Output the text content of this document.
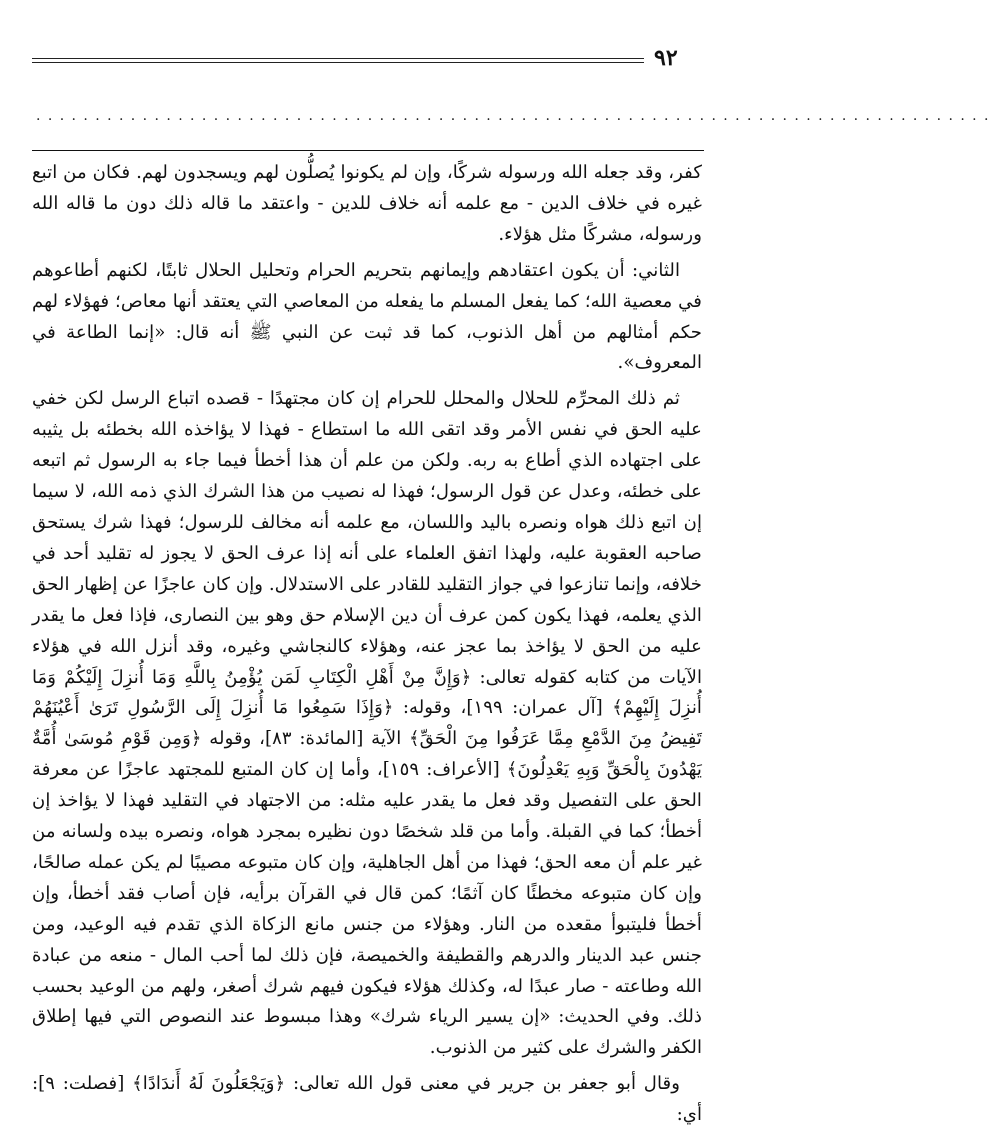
٩٢
.................................................................................

كفر، وقد جعله الله ورسوله شركًا، وإن لم يكونوا يُصلُّون لهم ويسجدون لهم. فكان من اتبع غيره في خلاف الدين - مع علمه أنه خلاف للدين - واعتقد ما قاله ذلك دون ما قاله الله ورسوله، مشركًا مثل هؤلاء.

الثاني: أن يكون اعتقادهم وإيمانهم بتحريم الحرام وتحليل الحلال ثابتًا، لكنهم أطاعوهم في معصية الله؛ كما يفعل المسلم ما يفعله من المعاصي التي يعتقد أنها معاص؛ فهؤلاء لهم حكم أمثالهم من أهل الذنوب، كما قد ثبت عن النبي ﷺ أنه قال: «إنما الطاعة في المعروف».

ثم ذلك المحرِّم للحلال والمحلل للحرام إن كان مجتهدًا - قصده اتباع الرسل لكن خفي عليه الحق في نفس الأمر وقد اتقى الله ما استطاع - فهذا لا يؤاخذه الله بخطئه بل يثيبه على اجتهاده الذي أطاع به ربه. ولكن من علم أن هذا أخطأ فيما جاء به الرسول ثم اتبعه على خطئه، وعدل عن قول الرسول؛ فهذا له نصيب من هذا الشرك الذي ذمه الله، لا سيما إن اتبع ذلك هواه ونصره باليد واللسان، مع علمه أنه مخالف للرسول؛ فهذا شرك يستحق صاحبه العقوبة عليه، ولهذا اتفق العلماء على أنه إذا عرف الحق لا يجوز له تقليد أحد في خلافه، وإنما تنازعوا في جواز التقليد للقادر على الاستدلال. وإن كان عاجزًا عن إظهار الحق الذي يعلمه، فهذا يكون كمن عرف أن دين الإسلام حق وهو بين النصارى، فإذا فعل ما يقدر عليه من الحق لا يؤاخذ بما عجز عنه، وهؤلاء كالنجاشي وغيره، وقد أنزل الله في هؤلاء الآيات من كتابه كقوله تعالى: ﴿وَإِنَّ مِنْ أَهْلِ الْكِتَابِ لَمَن يُؤْمِنُ بِاللَّهِ وَمَا أُنزِلَ إِلَيْكُمْ وَمَا أُنزِلَ إِلَيْهِمْ﴾ [آل عمران: ١٩٩]، وقوله: ﴿وَإِذَا سَمِعُوا مَا أُنزِلَ إِلَى الرَّسُولِ تَرَىٰ أَعْيُنَهُمْ تَفِيضُ مِنَ الدَّمْعِ مِمَّا عَرَفُوا مِنَ الْحَقِّ﴾ الآية [المائدة: ٨٣]، وقوله ﴿وَمِن قَوْمِ مُوسَىٰ أُمَّةٌ يَهْدُونَ بِالْحَقِّ وَبِهِ يَعْدِلُونَ﴾ [الأعراف: ١٥٩]، وأما إن كان المتبع للمجتهد عاجزًا عن معرفة الحق على التفصيل وقد فعل ما يقدر عليه مثله: من الاجتهاد في التقليد فهذا لا يؤاخذ إن أخطأ؛ كما في القبلة. وأما من قلد شخصًا دون نظيره بمجرد هواه، ونصره بيده ولسانه من غير علم أن معه الحق؛ فهذا من أهل الجاهلية، وإن كان متبوعه مصيبًا لم يكن عمله صالحًا، وإن كان متبوعه مخطئًا كان آثمًا؛ كمن قال في القرآن برأيه، فإن أصاب فقد أخطأ، وإن أخطأ فليتبوأ مقعده من النار. وهؤلاء من جنس مانع الزكاة الذي تقدم فيه الوعيد، ومن جنس عبد الدينار والدرهم والقطيفة والخميصة، فإن ذلك لما أحب المال - منعه من عبادة الله وطاعته - صار عبدًا له، وكذلك هؤلاء فيكون فيهم شرك أصغر، ولهم من الوعيد بحسب ذلك. وفي الحديث: «إن يسير الرياء شرك» وهذا مبسوط عند النصوص التي فيها إطلاق الكفر والشرك على كثير من الذنوب.

وقال أبو جعفر بن جرير في معنى قول الله تعالى: ﴿وَيَجْعَلُونَ لَهُ أَندَادًا﴾ [فصلت: ٩]: أي:
